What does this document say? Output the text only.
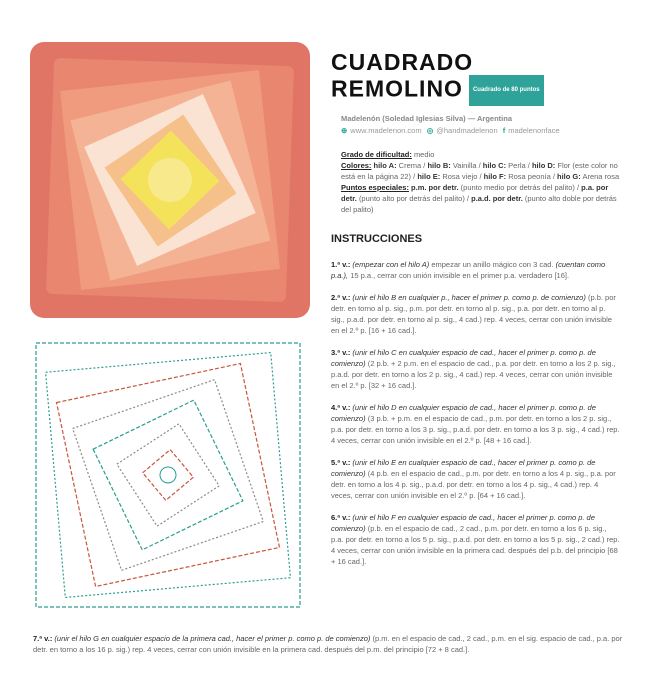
CUADRADO
REMOLINO Cuadrado de 80 puntos
Madelenón (Soledad Iglesias Silva) — Argentina
⊕ www.madelenon.com ◎ @handmadelenon f madelenonface
Grado de dificultad: medio
Colores: hilo A: Crema / hilo B: Vainilla / hilo C: Perla / hilo D: Flor (este color no está en la página 22) / hilo E: Rosa viejo / hilo F: Rosa peonía / hilo G: Arena rosa
Puntos especiales: p.m. por detr. (punto medio por detrás del palito) / p.a. por detr. (punto alto por detrás del palito) / p.a.d. por detr. (punto alto doble por detrás del palito)
INSTRUCCIONES
1.ª v.: (empezar con el hilo A) empezar un anillo mágico con 3 cad. (cuentan como p.a.), 15 p.a., cerrar con unión invisible en el primer p.a. verdadero [16].
2.ª v.: (unir el hilo B en cualquier p., hacer el primer p. como p. de comienzo) (p.b. por detr. en torno al p. sig., p.m. por detr. en torno al p. sig., p.a. por detr. en torno al p. sig., p.a.d. por detr. en torno al p. sig., 4 cad.) rep. 4 veces, cerrar con unión invisible en el 2.º p. [16 + 16 cad.].
3.ª v.: (unir el hilo C en cualquier espacio de cad., hacer el primer p. como p. de comienzo) (2 p.b. + 2 p.m. en el espacio de cad., p.a. por detr. en torno a los 2 p. sig., p.a.d. por detr. en torno a los 2 p. sig., 4 cad.) rep. 4 veces, cerrar con unión invisible en el 2.º p. [32 + 16 cad.].
4.ª v.: (unir el hilo D en cualquier espacio de cad., hacer el primer p. como p. de comienzo) (3 p.b. + p.m. en el espacio de cad., p.m. por detr. en torno a los 2 p. sig., p.a. por detr. en torno a los 3 p. sig., p.a.d. por detr. en torno a los 3 p. sig., 4 cad.) rep. 4 veces, cerrar con unión invisible en el 2.º p. [48 + 16 cad.].
5.ª v.: (unir el hilo E en cualquier espacio de cad., hacer el primer p. como p. de comienzo) (4 p.b. en el espacio de cad., p.m. por detr. en torno a los 4 p. sig., p.a. por detr. en torno a los 4 p. sig., p.a.d. por detr. en torno a los 4 p. sig., 4 cad.) rep. 4 veces, cerrar con unión invisible en el 2.º p. [64 + 16 cad.].
6.ª v.: (unir el hilo F en cualquier espacio de cad., hacer el primer p. como p. de comienzo) (p.b. en el espacio de cad., 2 cad., p.m. por detr. en torno a los 6 p. sig., p.a. por detr. en torno a los 5 p. sig., p.a.d. por detr. en torno a los 5 p. sig., 2 cad.) rep. 4 veces, cerrar con unión invisible en la primera cad. después del p.b. del principio [68 + 16 cad.].
7.ª v.: (unir el hilo G en cualquier espacio de la primera cad., hacer el primer p. como p. de comienzo) (p.m. en el espacio de cad., 2 cad., p.m. en el sig. espacio de cad., p.a. por detr. en torno a los 16 p. sig.) rep. 4 veces, cerrar con unión invisible en la primera cad. después del p.m. del principio [72 + 8 cad.].
